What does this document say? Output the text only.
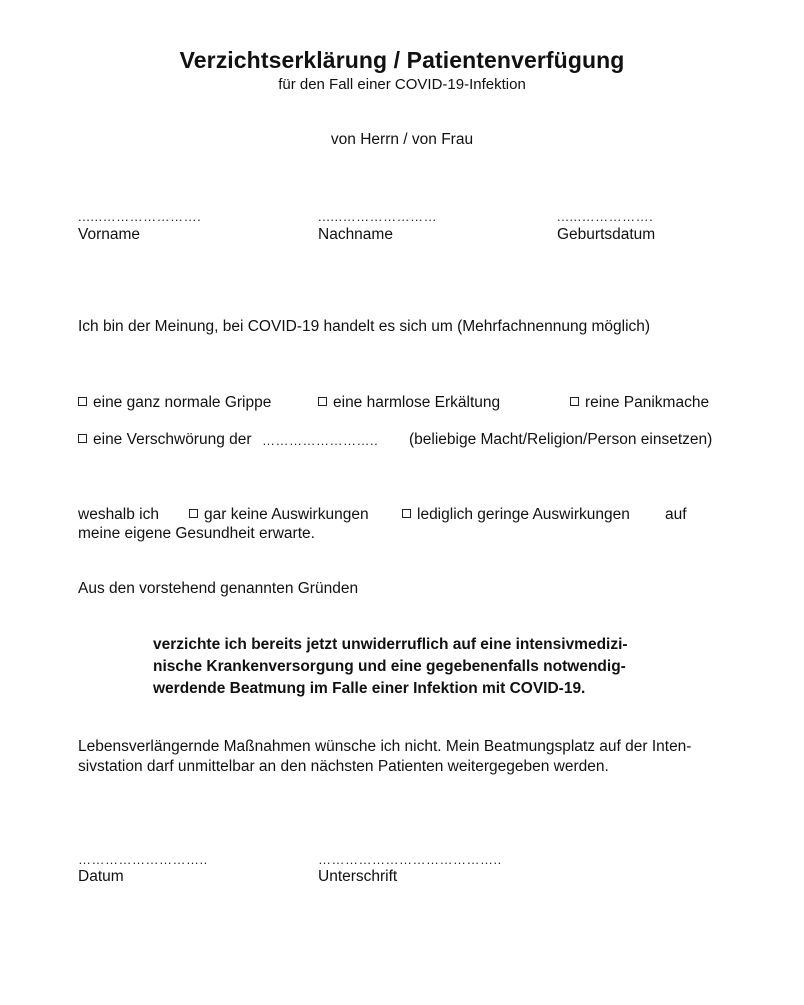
Verzichtserklärung / Patientenverfügung
für den Fall einer COVID-19-Infektion
von Herrn / von Frau
......………………….
Vorname
......…………………
Nachname
......…………….
Geburtsdatum
Ich bin der Meinung, bei COVID-19 handelt es sich um (Mehrfachnennung möglich)
eine ganz normale Grippe	eine harmlose Erkältung	reine Panikmache
eine Verschwörung der …………………….. (beliebige Macht/Religion/Person einsetzen)
weshalb ich	gar keine Auswirkungen	lediglich geringe Auswirkungen auf
meine eigene Gesundheit erwarte.
Aus den vorstehend genannten Gründen
verzichte ich bereits jetzt unwiderruflich auf eine intensivmedizi-
nische Krankenversorgung und eine gegebenenfalls notwendig-
werdende Beatmung im Falle einer Infektion mit COVID-19.
Lebensverlängernde Maßnahmen wünsche ich nicht. Mein Beatmungsplatz auf der Inten-
sivstation darf unmittelbar an den nächsten Patienten weitergegeben werden.
………………………..
Datum
…………………………………..
Unterschrift
